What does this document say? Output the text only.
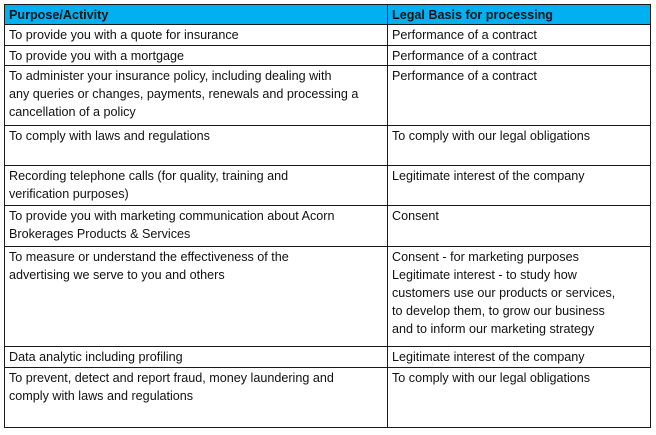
Purpose/Activity	Legal Basis for processing

To provide you with a quote for insurance	Performance of a contract

To provide you with a mortgage	Performance of a contract

To administer your insurance policy, including dealing with
any queries or changes, payments, renewals and processing a
cancellation of a policy	Performance of a contract

To comply with laws and regulations	To comply with our legal obligations

Recording telephone calls (for quality, training and
verification purposes)	Legitimate interest of the company

To provide you with marketing communication about Acorn
Brokerages Products & Services	Consent

To measure or understand the effectiveness of the
advertising we serve to you and others	Consent - for marketing purposes
Legitimate interest - to study how
customers use our products or services,
to develop them, to grow our business
and to inform our marketing strategy

Data analytic including profiling	Legitimate interest of the company

To prevent, detect and report fraud, money laundering and
comply with laws and regulations	To comply with our legal obligations
